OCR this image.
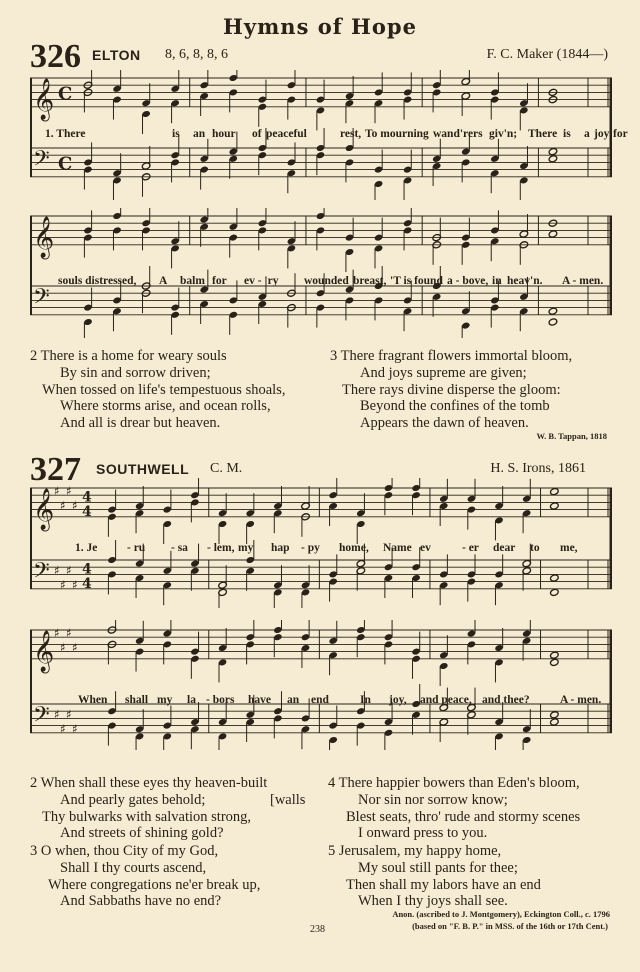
Hymns of Hope
326 ELTON 8, 6, 8, 8, 6	F. C. Maker (1844—)
𝄞 C
𝄢 C
1. There	is an hour of peaceful	rest, To mourning wand'rers giv'n; There is a joy for
𝄞
𝄢
souls distressed, A balm for ev - 'ry wounded breast, 'T is found a - bove, in heav'n. A - men.
2 There is a home for weary souls
By sin and sorrow driven;
When tossed on life's tempestuous shoals,
Where storms arise, and ocean rolls,
And all is drear but heaven.
3 There fragrant flowers immortal bloom,
And joys supreme are given;
There rays divine disperse the gloom:
Beyond the confines of the tomb
Appears the dawn of heaven.
W. B. Tappan, 1818
327 SOUTHWELL C. M.	H. S. Irons, 1861
𝄞 ♯
♯
♯
♯
4
4
𝄢 ♯
♯
♯
♯
4
4
1. Je	- ru - sa - lem, my hap - py home, Name ev	- er dear to me,
𝄞 ♯
♯
♯
♯
𝄢 ♯
♯
♯
♯
When shall my la - bors have an end	In joy, and peace, and thee?	A - men.
2 When shall these eyes thy heaven-built
And pearly gates behold;	[walls
Thy bulwarks with salvation strong,
And streets of shining gold?
3 O when, thou City of my God,
Shall I thy courts ascend,
Where congregations ne'er break up,
And Sabbaths have no end?
4 There happier bowers than Eden's bloom,
Nor sin nor sorrow know;
Blest seats, thro' rude and stormy scenes
I onward press to you.
5 Jerusalem, my happy home,
My soul still pants for thee;
Then shall my labors have an end
When I thy joys shall see.
Anon. (ascribed to J. Montgomery), Eckington Coll., c. 1796
(based on "F. B. P." in MSS. of the 16th or 17th Cent.)
238
